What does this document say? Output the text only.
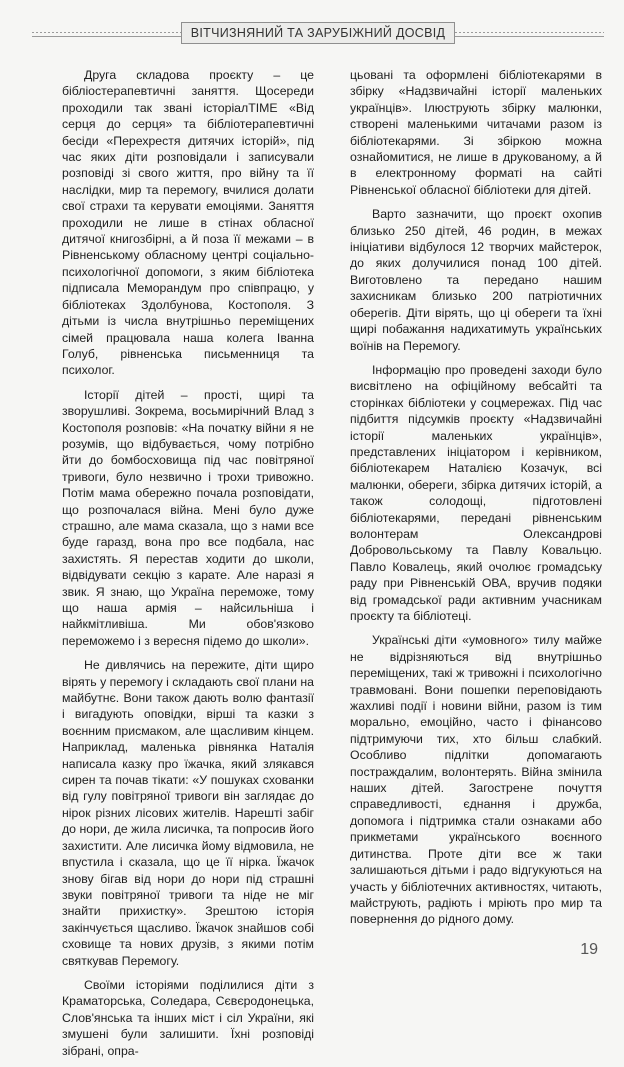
ВІТЧИЗНЯНИЙ ТА ЗАРУБІЖНИЙ ДОСВІД

Друга складова проєкту – це бібліостерапевтичні заняття. Щосереди проходили так звані історіалTIME «Від серця до серця» та бібліотерапевтичні бесіди «Перехрестя дитячих історій», під час яких діти розповідали і записували розповіді зі свого життя, про війну та її наслідки, мир та перемогу, вчилися долати свої страхи та керувати емоціями. Заняття проходили не лише в стінах обласної дитячої книгозбірні, а й поза її межами – в Рівненському обласному центрі соціально-психологічної допомоги, з яким бібліотека підписала Меморандум про співпрацю, у бібліотеках Здолбунова, Костополя. З дітьми із числа внутрішньо переміщених сімей працювала наша колега Іванна Голуб, рівненська письменниця та психолог.

Історії дітей – прості, щирі та зворушливі. Зокрема, восьмирічний Влад з Костополя розповів: «На початку війни я не розумів, що відбувається, чому потрібно йти до бомбосховища під час повітряної тривоги, було незвично і трохи тривожно. Потім мама обережно почала розповідати, що розпочалася війна. Мені було дуже страшно, але мама сказала, що з нами все буде гаразд, вона про все подбала, нас захистять. Я перестав ходити до школи, відвідувати секцію з карате. Але наразі я звик. Я знаю, що Україна переможе, тому що наша армія – найсильніша і найкмітливіша. Ми обов'язково переможемо і з вересня підемо до школи».

Не дивлячись на пережите, діти щиро вірять у перемогу і складають свої плани на майбутнє. Вони також дають волю фантазії і вигадують оповідки, вірші та казки з воєнним присмаком, але щасливим кінцем. Наприклад, маленька рівнянка Наталія написала казку про їжачка, який злякався сирен та почав тікати: «У пошуках схованки від гулу повітряної тривоги він заглядає до нірок різних лісових жителів. Нарешті забіг до нори, де жила лисичка, та попросив його захистити. Але лисичка йому відмовила, не впустила і сказала, що це її нірка. Їжачок знову бігав від нори до нори під страшні звуки повітряної тривоги та ніде не міг знайти прихистку». Зрештою історія закінчується щасливо. Їжачок знайшов собі сховище та нових друзів, з якими потім святкував Перемогу.

Своїми історіями поділилися діти з Краматорська, Соледара, Сєвєродонецька, Слов'янська та інших міст і сіл України, які змушені були залишити. Їхні розповіді зібрані, опра-

цьовані та оформлені бібліотекарями в збірку «Надзвичайні історії маленьких українців». Ілюструють збірку малюнки, створені маленькими читачами разом із бібліотекарями. Зі збіркою можна ознайомитися, не лише в друкованому, а й в електронному форматі на сайті Рівненської обласної бібліотеки для дітей.

Варто зазначити, що проєкт охопив близько 250 дітей, 46 родин, в межах ініціативи відбулося 12 творчих майстерок, до яких долучилися понад 100 дітей. Виготовлено та передано нашим захисникам близько 200 патріотичних оберегів. Діти вірять, що ці обереги та їхні щирі побажання надихатимуть українських воїнів на Перемогу.

Інформацію про проведені заходи було висвітлено на офіційному вебсайті та сторінках бібліотеки у соцмережах. Під час підбиття підсумків проєкту «Надзвичайні історії маленьких українців», представлених ініціатором і керівником, бібліотекарем Наталією Козачук, всі малюнки, обереги, збірка дитячих історій, а також солодощі, підготовлені бібліотекарями, передані рівненським волонтерам Олександрові Добровольському та Павлу Ковальцю. Павло Ковалець, який очолює громадську раду при Рівненській ОВА, вручив подяки від громадської ради активним учасникам проєкту та бібліотеці.

Українські діти «умовного» тилу майже не відрізняються від внутрішньо переміщених, такі ж тривожні і психологічно травмовані. Вони пошепки переповідають жахливі події і новини війни, разом із тим морально, емоційно, часто і фінансово підтримуючи тих, хто більш слабкий. Особливо підлітки допомагають постраждалим, волонтерять. Війна змінила наших дітей. Загострене почуття справедливості, єднання і дружба, допомога і підтримка стали ознаками або прикметами українського воєнного дитинства. Проте діти все ж таки залишаються дітьми і радо відгукуються на участь у бібліотечних активностях, читають, майструють, радіють і мріють про мир та повернення до рідного дому.

19
